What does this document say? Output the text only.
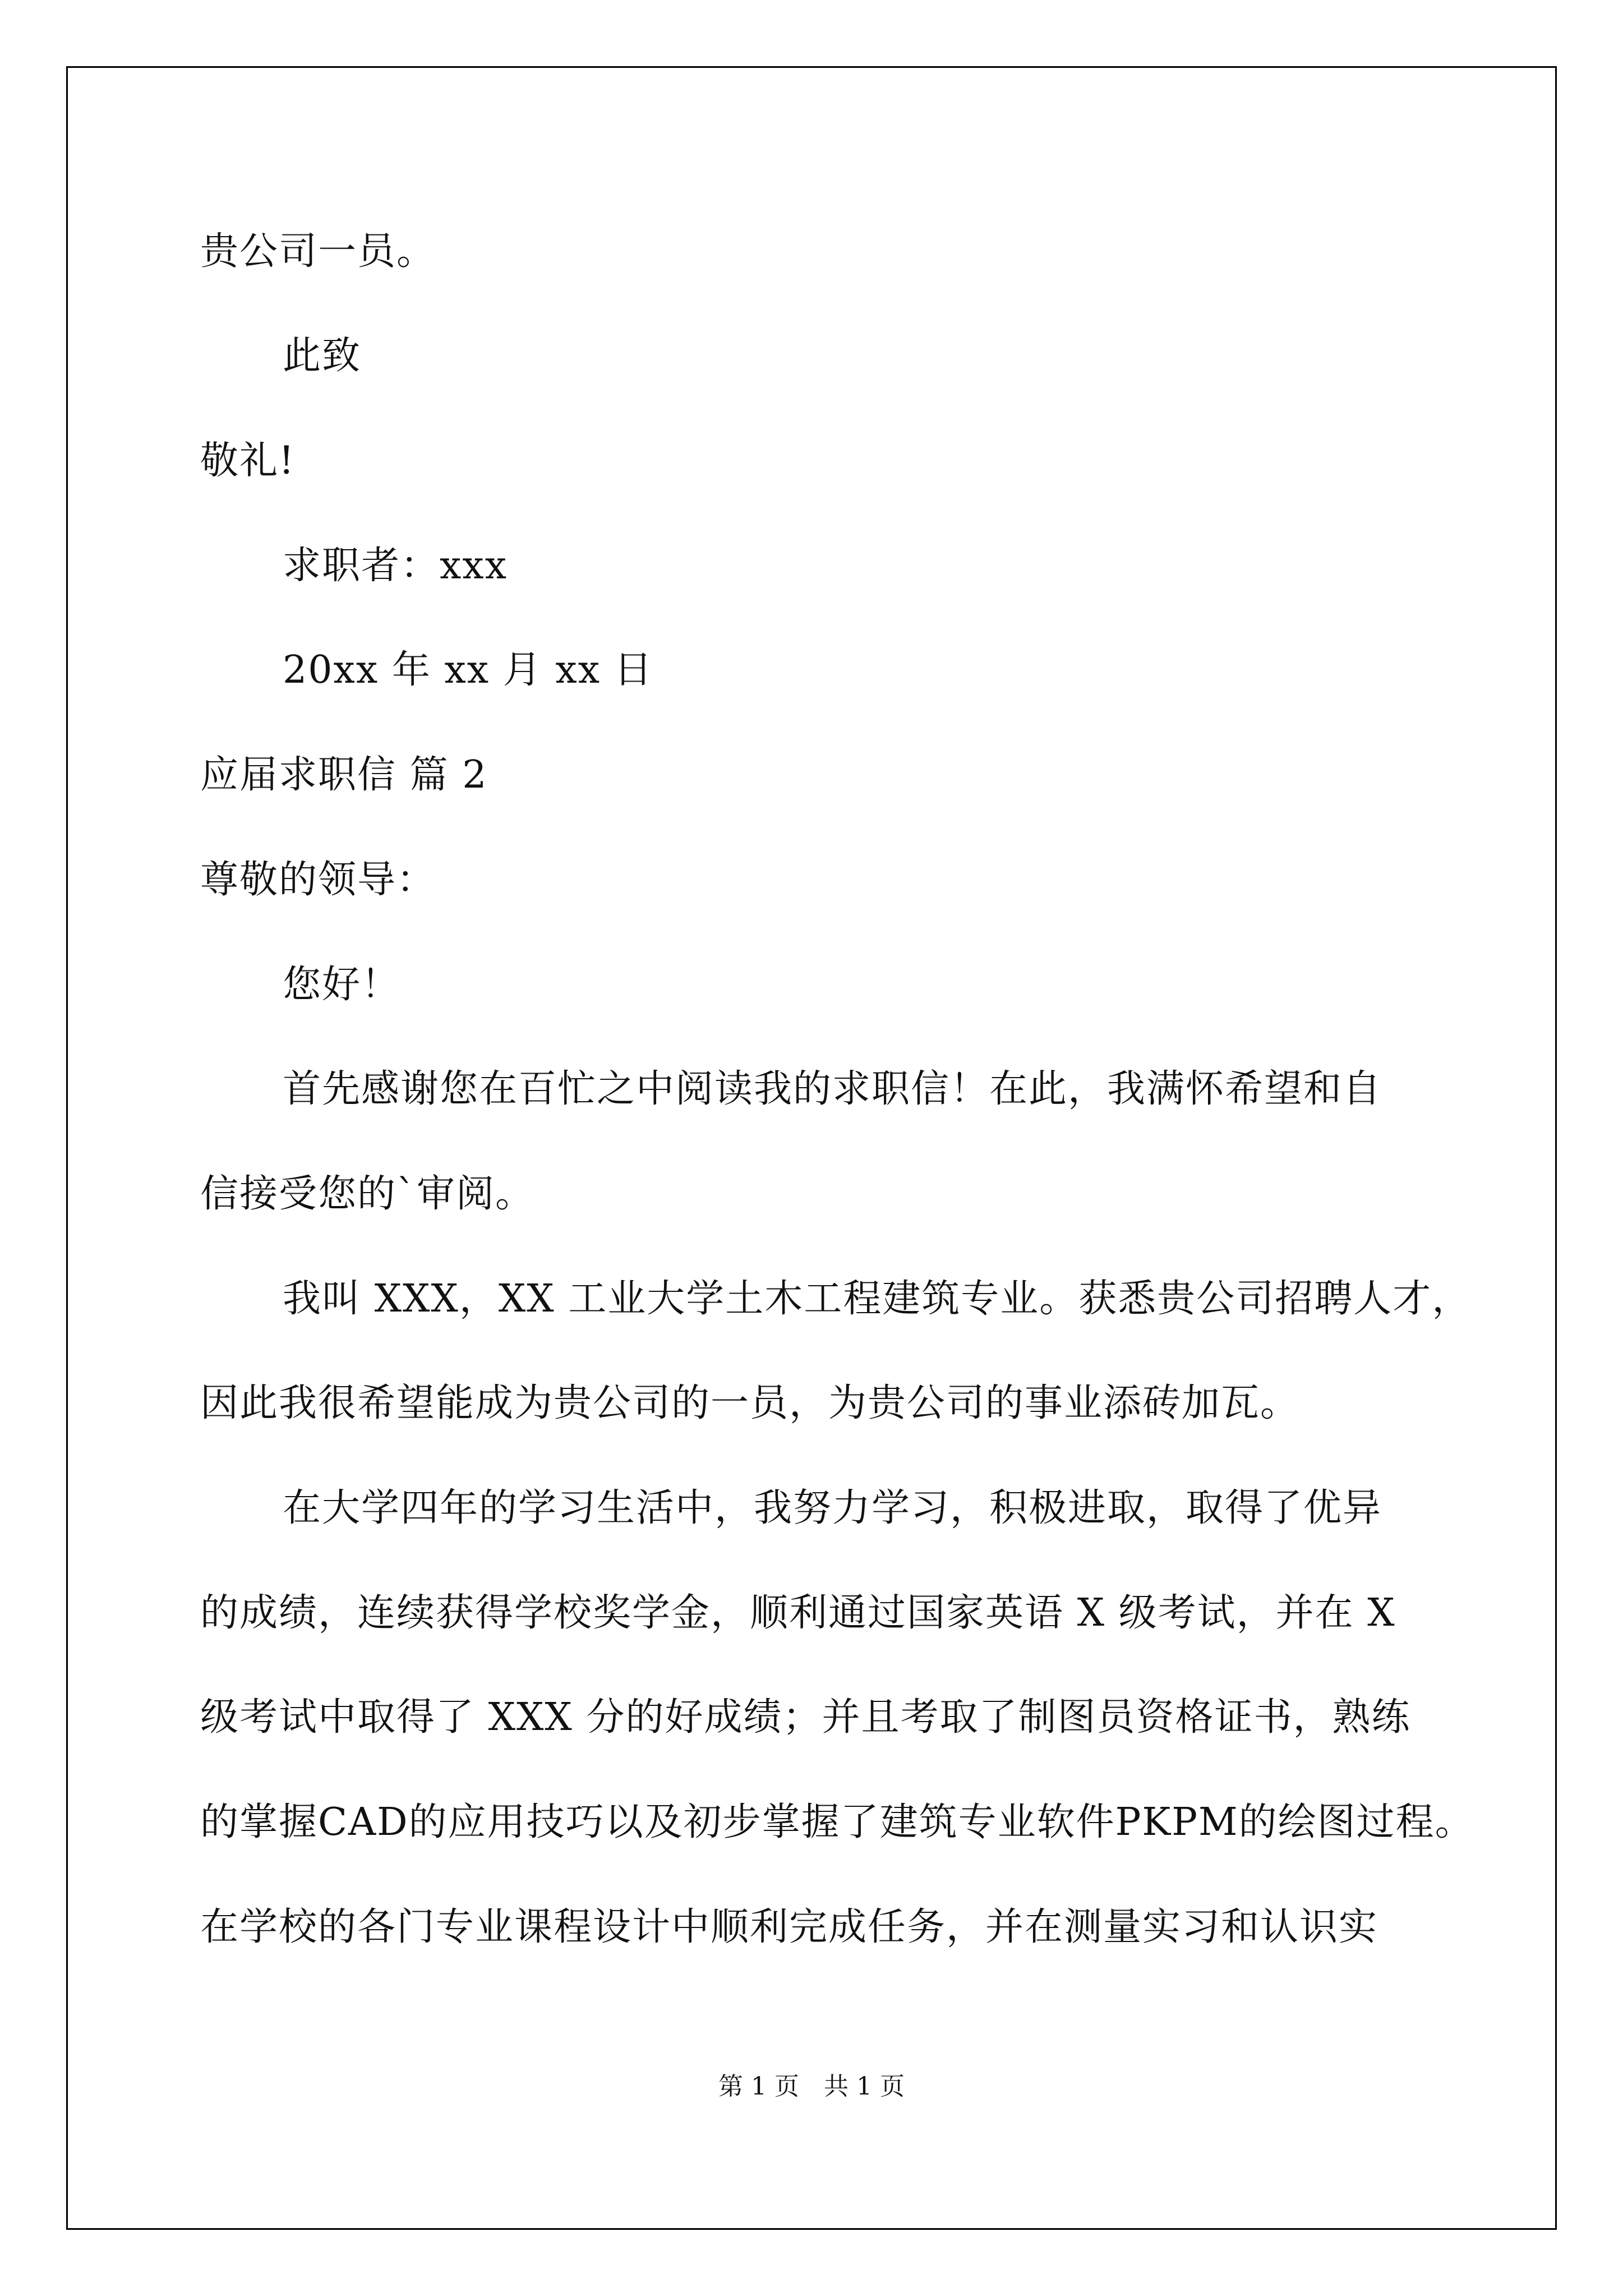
贵公司一员。
此致
敬礼!
求职者：xxx
20xx 年 xx 月 xx 日
应届求职信 篇 2
尊敬的领导：
您好！
首先感谢您在百忙之中阅读我的求职信！在此，我满怀希望和自
信接受您的`审阅。
我叫 XXX，XX 工业大学土木工程建筑专业。获悉贵公司招聘人才，
因此我很希望能成为贵公司的一员，为贵公司的事业添砖加瓦。
在大学四年的学习生活中，我努力学习，积极进取，取得了优异
的成绩，连续获得学校奖学金，顺利通过国家英语 X 级考试，并在 X
级考试中取得了 XXX 分的好成绩；并且考取了制图员资格证书，熟练
的掌握CAD的应用技巧以及初步掌握了建筑专业软件PKPM的绘图过程。
在学校的各门专业课程设计中顺利完成任务，并在测量实习和认识实
第 1 页　共 1 页
